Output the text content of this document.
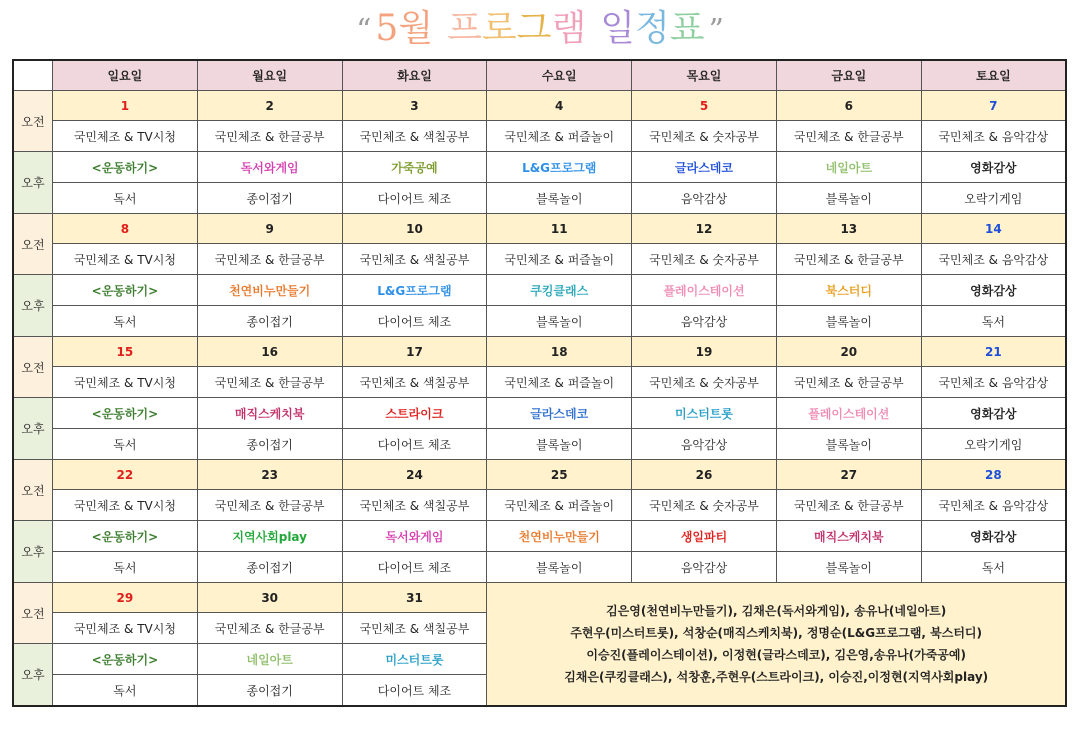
“ 5월 프로그램 일정표 ”
	일요일	월요일	화요일	수요일	목요일	금요일	토요일
오전	1	2	3	4	5	6	7
	국민체조 & TV시청	국민체조 & 한글공부	국민체조 & 색칠공부	국민체조 & 퍼즐놀이	국민체조 & 숫자공부	국민체조 & 한글공부	국민체조 & 음악감상
오후	<운동하기>	독서와게임	가죽공예	L&G프로그램	글라스데코	네일아트	영화감상
	독서	종이접기	다이어트 체조	블록놀이	음악감상	블록놀이	오락기게임
오전	8	9	10	11	12	13	14
	국민체조 & TV시청	국민체조 & 한글공부	국민체조 & 색칠공부	국민체조 & 퍼즐놀이	국민체조 & 숫자공부	국민체조 & 한글공부	국민체조 & 음악감상
오후	<운동하기>	천연비누만들기	L&G프로그램	쿠킹클래스	플레이스테이션	북스터디	영화감상
	독서	종이접기	다이어트 체조	블록놀이	음악감상	블록놀이	독서
오전	15	16	17	18	19	20	21
	국민체조 & TV시청	국민체조 & 한글공부	국민체조 & 색칠공부	국민체조 & 퍼즐놀이	국민체조 & 숫자공부	국민체조 & 한글공부	국민체조 & 음악감상
오후	<운동하기>	매직스케치북	스트라이크	글라스데코	미스터트롯	플레이스테이션	영화감상
	독서	종이접기	다이어트 체조	블록놀이	음악감상	블록놀이	오락기게임
오전	22	23	24	25	26	27	28
	국민체조 & TV시청	국민체조 & 한글공부	국민체조 & 색칠공부	국민체조 & 퍼즐놀이	국민체조 & 숫자공부	국민체조 & 한글공부	국민체조 & 음악감상
오후	<운동하기>	지역사회play	독서와게임	천연비누만들기	생일파티	매직스케치북	영화감상
	독서	종이접기	다이어트 체조	블록놀이	음악감상	블록놀이	독서
오전	29	30	31	김은영(천연비누만들기), 김채은(독서와게임), 송유나(네일아트)
주현우(미스터트롯), 석창순(매직스케치북), 정명순(L&G프로그램, 북스터디)
이승진(플레이스테이션), 이정현(글라스데코), 김은영,송유나(가죽공예)
김채은(쿠킹클래스), 석창훈,주현우(스트라이크), 이승진,이정현(지역사회play)			

	국민체조 & TV시청	국민체조 & 한글공부	국민체조 & 색칠공부				
오후	<운동하기>	네일아트	미스터트롯				
	독서	종이접기	다이어트 체조				
